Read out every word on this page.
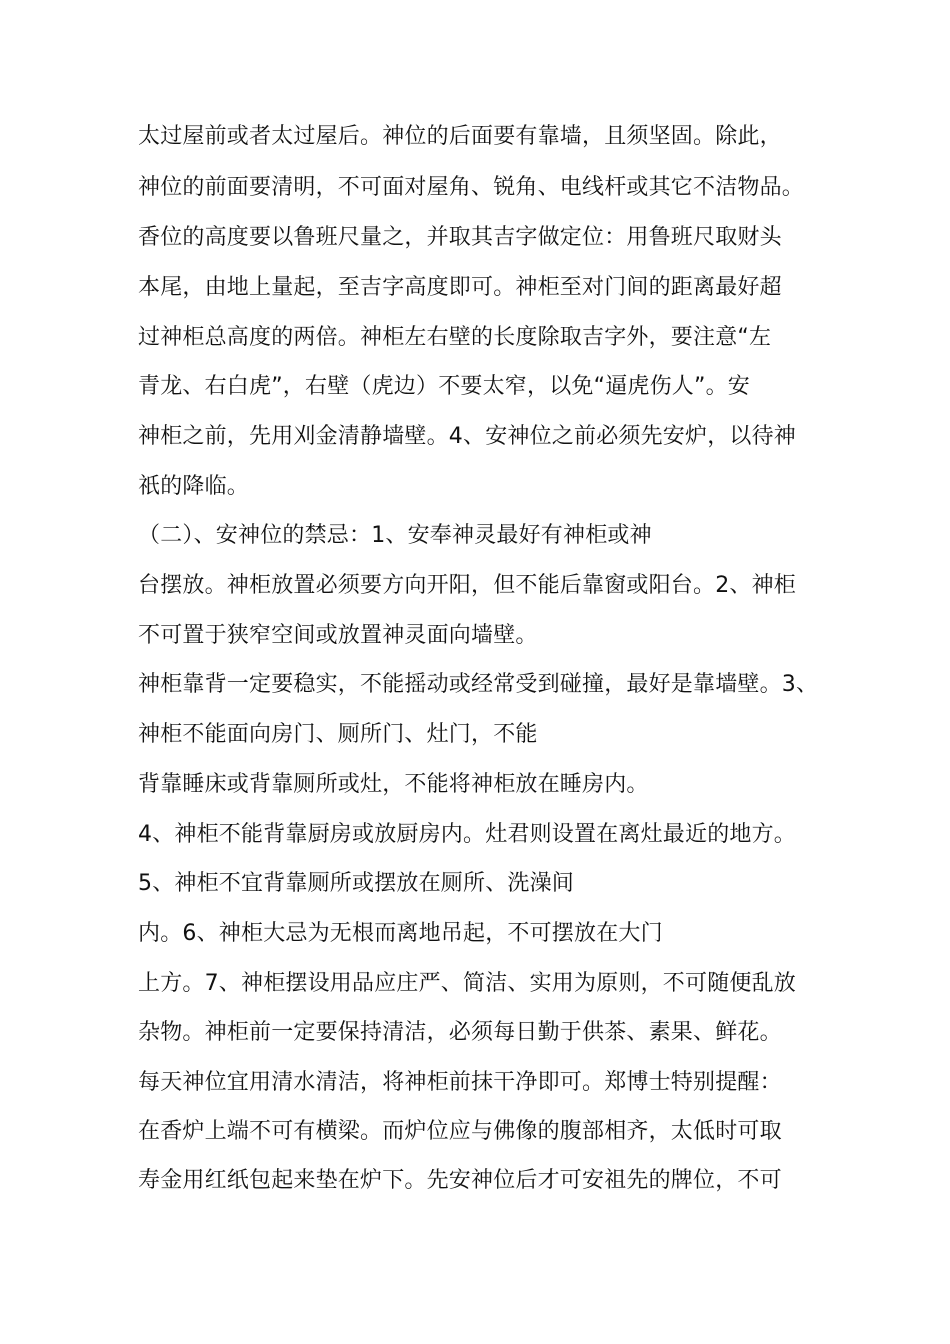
太过屋前或者太过屋后。神位的后面要有靠墙，且须坚固。除此，
神位的前面要清明，不可面对屋角、锐角、电线杆或其它不洁物品。
香位的高度要以鲁班尺量之，并取其吉字做定位：用鲁班尺取财头
本尾，由地上量起，至吉字高度即可。神柜至对门间的距离最好超
过神柜总高度的两倍。神柜左右壁的长度除取吉字外，要注意“左
青龙、右白虎”，右壁（虎边）不要太窄，以免“逼虎伤人”。安
神柜之前，先用刈金清静墙壁。4、安神位之前必须先安炉，以待神
祇的降临。
（二）、安神位的禁忌：1、安奉神灵最好有神柜或神
台摆放。神柜放置必须要方向开阳，但不能后靠窗或阳台。2、神柜
不可置于狭窄空间或放置神灵面向墙壁。
神柜靠背一定要稳实，不能摇动或经常受到碰撞，最好是靠墙壁。3、
神柜不能面向房门、厕所门、灶门，不能
背靠睡床或背靠厕所或灶，不能将神柜放在睡房内。
4、神柜不能背靠厨房或放厨房内。灶君则设置在离灶最近的地方。
5、神柜不宜背靠厕所或摆放在厕所、洗澡间
内。6、神柜大忌为无根而离地吊起，不可摆放在大门
上方。7、神柜摆设用品应庄严、简洁、实用为原则，不可随便乱放
杂物。神柜前一定要保持清洁，必须每日勤于供茶、素果、鲜花。
每天神位宜用清水清洁，将神柜前抹干净即可。郑博士特别提醒：
在香炉上端不可有横梁。而炉位应与佛像的腹部相齐，太低时可取
寿金用红纸包起来垫在炉下。先安神位后才可安祖先的牌位，不可
